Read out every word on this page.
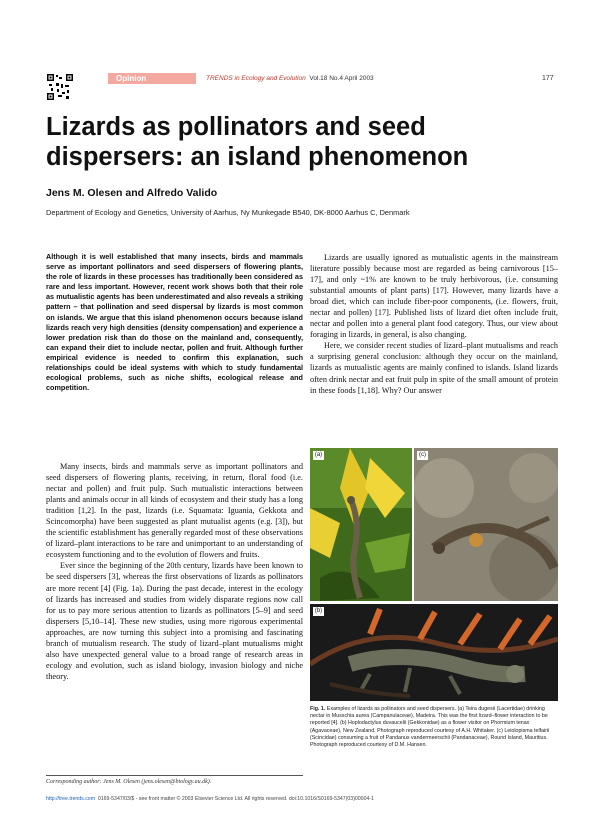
Opinion	TRENDS in Ecology and Evolution Vol.18 No.4 April 2003	177
Lizards as pollinators and seed dispersers: an island phenomenon
Jens M. Olesen and Alfredo Valido
Department of Ecology and Genetics, University of Aarhus, Ny Munkegade B540, DK-8000 Aarhus C, Denmark

Although it is well established that many insects, birds and mammals serve as important pollinators and seed dispersers of flowering plants, the role of lizards in these processes has traditionally been considered as rare and less important. However, recent work shows both that their role as mutualistic agents has been underestimated and also reveals a striking pattern – that pollination and seed dispersal by lizards is most common on islands. We argue that this island phenomenon occurs because island lizards reach very high densities (density compensation) and experience a lower predation risk than do those on the mainland and, consequently, can expand their diet to include nectar, pollen and fruit. Although further empirical evidence is needed to confirm this explanation, such relationships could be ideal systems with which to study fundamental ecological problems, such as niche shifts, ecological release and competition.

Many insects, birds and mammals serve as important pollinators and seed dispersers of flowering plants, receiving, in return, floral food (i.e. nectar and pollen) and fruit pulp. Such mutualistic interactions between plants and animals occur in all kinds of ecosystem and their study has a long tradition [1,2]. In the past, lizards (i.e. Squamata: Iguania, Gekkota and Scincomorpha) have been suggested as plant mutualist agents (e.g. [3]), but the scientific establishment has generally regarded most of these observations of lizard–plant interactions to be rare and unimportant to an understanding of ecosystem functioning and to the evolution of flowers and fruits.

Ever since the beginning of the 20th century, lizards have been known to be seed dispersers [3], whereas the first observations of lizards as pollinators are more recent [4] (Fig. 1a). During the past decade, interest in the ecology of lizards has increased and studies from widely disparate regions now call for us to pay more serious attention to lizards as pollinators [5–9] and seed dispersers [5,10–14]. These new studies, using more rigorous experimental approaches, are now turning this subject into a promising and fascinating branch of mutualism research. The study of lizard–plant mutualisms might also have unexpected general value to a broad range of research areas in ecology and evolution, such as island biology, invasion biology and niche theory.

Lizards are usually ignored as mutualistic agents in the mainstream literature possibly because most are regarded as being carnivorous [15–17], and only ~1% are known to be truly herbivorous, (i.e. consuming substantial amounts of plant parts) [17]. However, many lizards have a broad diet, which can include fiber-poor components, (i.e. flowers, fruit, nectar and pollen) [17]. Published lists of lizard diet often include fruit, nectar and pollen into a general plant food category. Thus, our view about foraging in lizards, in general, is also changing.

Here, we consider recent studies of lizard–plant mutualisms and reach a surprising general conclusion: although they occur on the mainland, lizards as mutualistic agents are mainly confined to islands. Island lizards often drink nectar and eat fruit pulp in spite of the small amount of protein in these foods [1,18]. Why? Our answer

Corresponding author: Jens M. Olesen (jens.olesen@biology.au.dk).
http://tree.trends.com 0169-5347/03/$ - see front matter © 2003 Elsevier Science Ltd. All rights reserved. doi:10.1016/S0169-5347(03)00004-1
(a)	(c)
(b)
Fig. 1. Examples of lizards as pollinators and seed dispersers. (a) Teira dugesii (Lacertidae) drinking nectar in Musschia aurea (Campanulaceae), Madeira. This was the first lizard–flower interaction to be reported [4]. (b) Hoplodactylus duvaucelii (Gekkonidae) as a flower visitor on Phormium tenax (Agavaceae), New Zealand. Photograph reproduced courtesy of A.H. Whitaker. (c) Leiolopisma telfairii (Scincidae) consuming a fruit of Pandanus vandermeerschii (Pandanaceae), Round Island, Mauritius. Photograph reproduced courtesy of D.M. Hansen.
